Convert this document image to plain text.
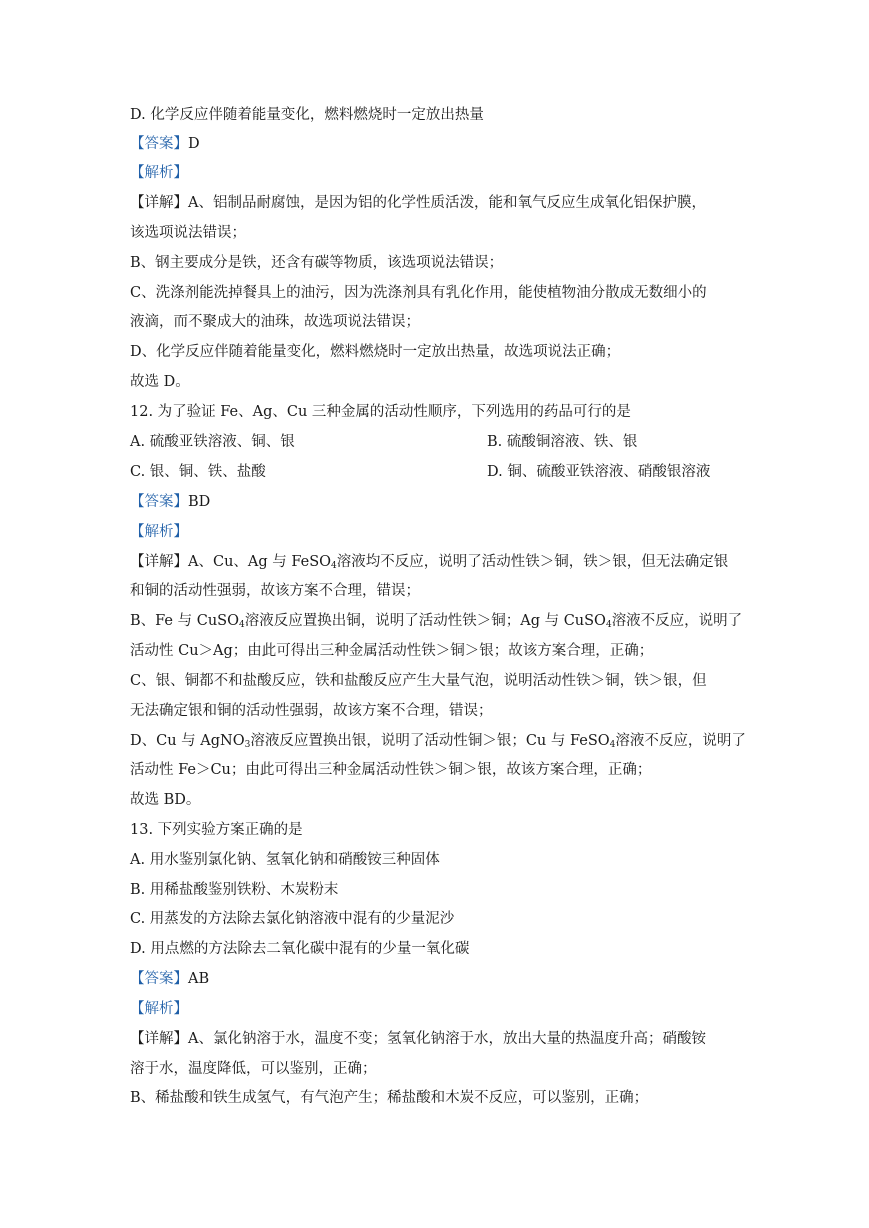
D. 化学反应伴随着能量变化，燃料燃烧时一定放出热量
【答案】D
【解析】
【详解】A、铝制品耐腐蚀，是因为铝的化学性质活泼，能和氧气反应生成氧化铝保护膜，
该选项说法错误；
B、钢主要成分是铁，还含有碳等物质，该选项说法错误；
C、洗涤剂能洗掉餐具上的油污，因为洗涤剂具有乳化作用，能使植物油分散成无数细小的
液滴，而不聚成大的油珠，故选项说法错误；
D、化学反应伴随着能量变化，燃料燃烧时一定放出热量，故选项说法正确；
故选 D。
12. 为了验证 Fe、Ag、Cu 三种金属的活动性顺序，下列选用的药品可行的是
A. 硫酸亚铁溶液、铜、银	B. 硫酸铜溶液、铁、银
C. 银、铜、铁、盐酸	D. 铜、硫酸亚铁溶液、硝酸银溶液
【答案】BD
【解析】
【详解】A、Cu、Ag 与 FeSO$_4$溶液均不反应，说明了活动性铁＞铜，铁＞银，但无法确定银
和铜的活动性强弱，故该方案不合理，错误；
B、Fe 与 CuSO$_4$溶液反应置换出铜，说明了活动性铁＞铜；Ag 与 CuSO$_4$溶液不反应，说明了
活动性 Cu＞Ag；由此可得出三种金属活动性铁＞铜＞银；故该方案合理，正确；
C、银、铜都不和盐酸反应，铁和盐酸反应产生大量气泡，说明活动性铁＞铜，铁＞银，但
无法确定银和铜的活动性强弱，故该方案不合理，错误；
D、Cu 与 AgNO$_3$溶液反应置换出银，说明了活动性铜＞银；Cu 与 FeSO$_4$溶液不反应，说明了
活动性 Fe＞Cu；由此可得出三种金属活动性铁＞铜＞银，故该方案合理，正确；
故选 BD。
13. 下列实验方案正确的是
A. 用水鉴别氯化钠、氢氧化钠和硝酸铵三种固体
B. 用稀盐酸鉴别铁粉、木炭粉末
C. 用蒸发的方法除去氯化钠溶液中混有的少量泥沙
D. 用点燃的方法除去二氧化碳中混有的少量一氧化碳
【答案】AB
【解析】
【详解】A、氯化钠溶于水，温度不变；氢氧化钠溶于水，放出大量的热温度升高；硝酸铵
溶于水，温度降低，可以鉴别，正确；
B、稀盐酸和铁生成氢气，有气泡产生；稀盐酸和木炭不反应，可以鉴别，正确；
